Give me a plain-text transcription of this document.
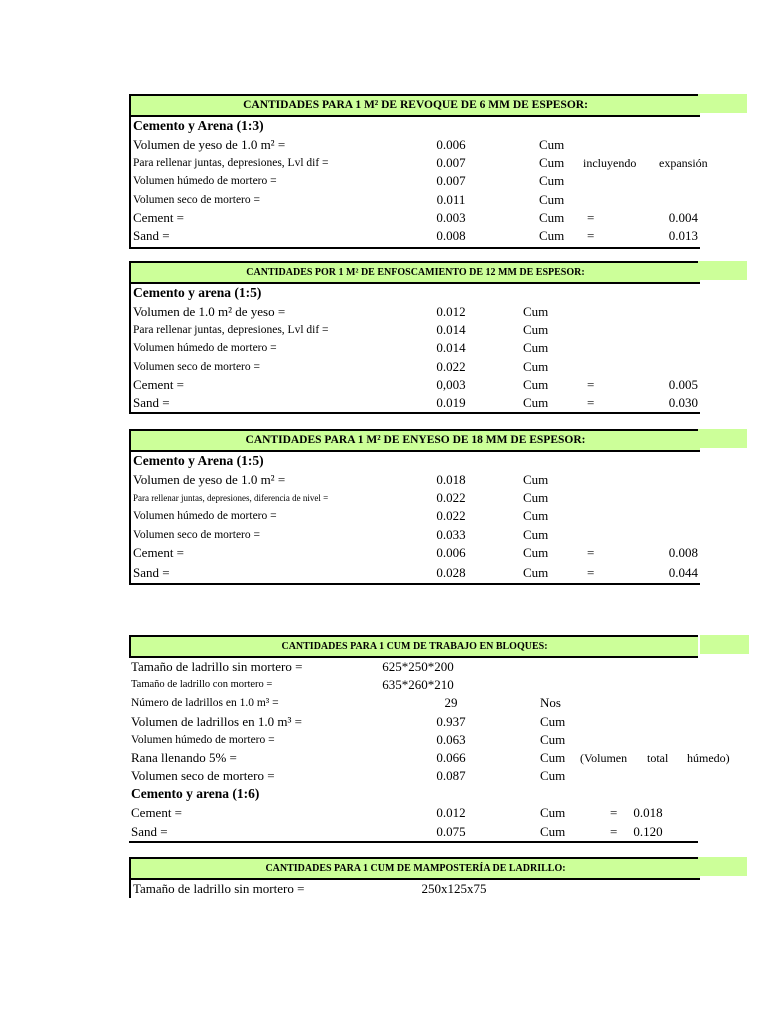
CANTIDADES PARA 1 M² DE REVOQUE DE 6 MM DE ESPESOR:
Cemento y Arena (1:3)
Volumen de yeso de 1.0 m² =	0.006	Cum
Para rellenar juntas, depresiones, Lvl dif =	0.007	Cum incluyendo expansión
Volumen húmedo de mortero =	0.007	Cum
Volumen seco de mortero =	0.011	Cum
Cement =	0.003	Cum =	0.004
Sand =	0.008	Cum =	0.013
CANTIDADES POR 1 M² DE ENFOSCAMIENTO DE 12 MM DE ESPESOR:
Cemento y arena (1:5)
Volumen de 1.0 m² de yeso =	0.012	Cum
Para rellenar juntas, depresiones, Lvl dif =	0.014	Cum
Volumen húmedo de mortero =	0.014	Cum
Volumen seco de mortero =	0.022	Cum
Cement =	0,003	Cum	=	0.005
Sand =	0.019	Cum	=	0.030
CANTIDADES PARA 1 M² DE ENYESO DE 18 MM DE ESPESOR:
Cemento y Arena (1:5)
Volumen de yeso de 1.0 m² =	0.018	Cum
Para rellenar juntas, depresiones, diferencia de nivel =	0.022	Cum
Volumen húmedo de mortero =	0.022	Cum
Volumen seco de mortero =	0.033	Cum
Cement =	0.006	Cum	=	0.008
Sand =	0.028	Cum	=	0.044
CANTIDADES PARA 1 CUM DE TRABAJO EN BLOQUES:
Tamaño de ladrillo sin mortero =	625*250*200
Tamaño de ladrillo con mortero =	635*260*210
Número de ladrillos en 1.0 m³ =	29	Nos
Volumen de ladrillos en 1.0 m³ =	0.937	Cum
Volumen húmedo de mortero =	0.063	Cum
Rana llenando 5% =	0.066	Cum (Volumen total húmedo)
Volumen seco de mortero =	0.087	Cum
Cemento y arena (1:6)
Cement =	0.012	Cum	=	0.018
Sand =	0.075	Cum	=	0.120
CANTIDADES PARA 1 CUM DE MAMPOSTERÍA DE LADRILLO:
Tamaño de ladrillo sin mortero =	250x125x75
